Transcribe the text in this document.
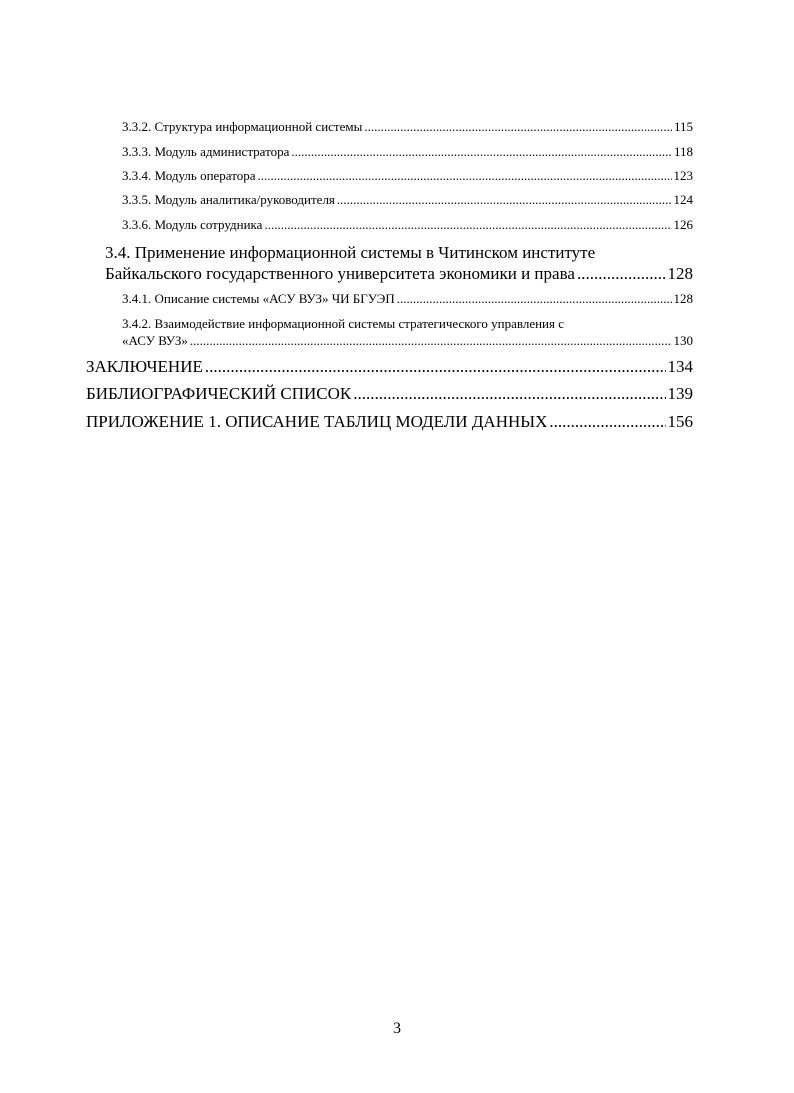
3.3.2. Структура информационной системы .....	115
3.3.3. Модуль администратора .....	118
3.3.4. Модуль оператора .....	123
3.3.5. Модуль аналитика/руководителя .....	124
3.3.6. Модуль сотрудника .....	126
3.4. Применение информационной системы в Читинском институте
Байкальского государственного университета экономики и права .....	128
3.4.1. Описание системы «АСУ ВУЗ» ЧИ БГУЭП .....	128
3.4.2. Взаимодействие информационной системы стратегического управления с
«АСУ ВУЗ» .....	130
ЗАКЛЮЧЕНИЕ .....	134
БИБЛИОГРАФИЧЕСКИЙ СПИСОК .....	139
ПРИЛОЖЕНИЕ 1. ОПИСАНИЕ ТАБЛИЦ МОДЕЛИ ДАННЫХ .....	156
3
